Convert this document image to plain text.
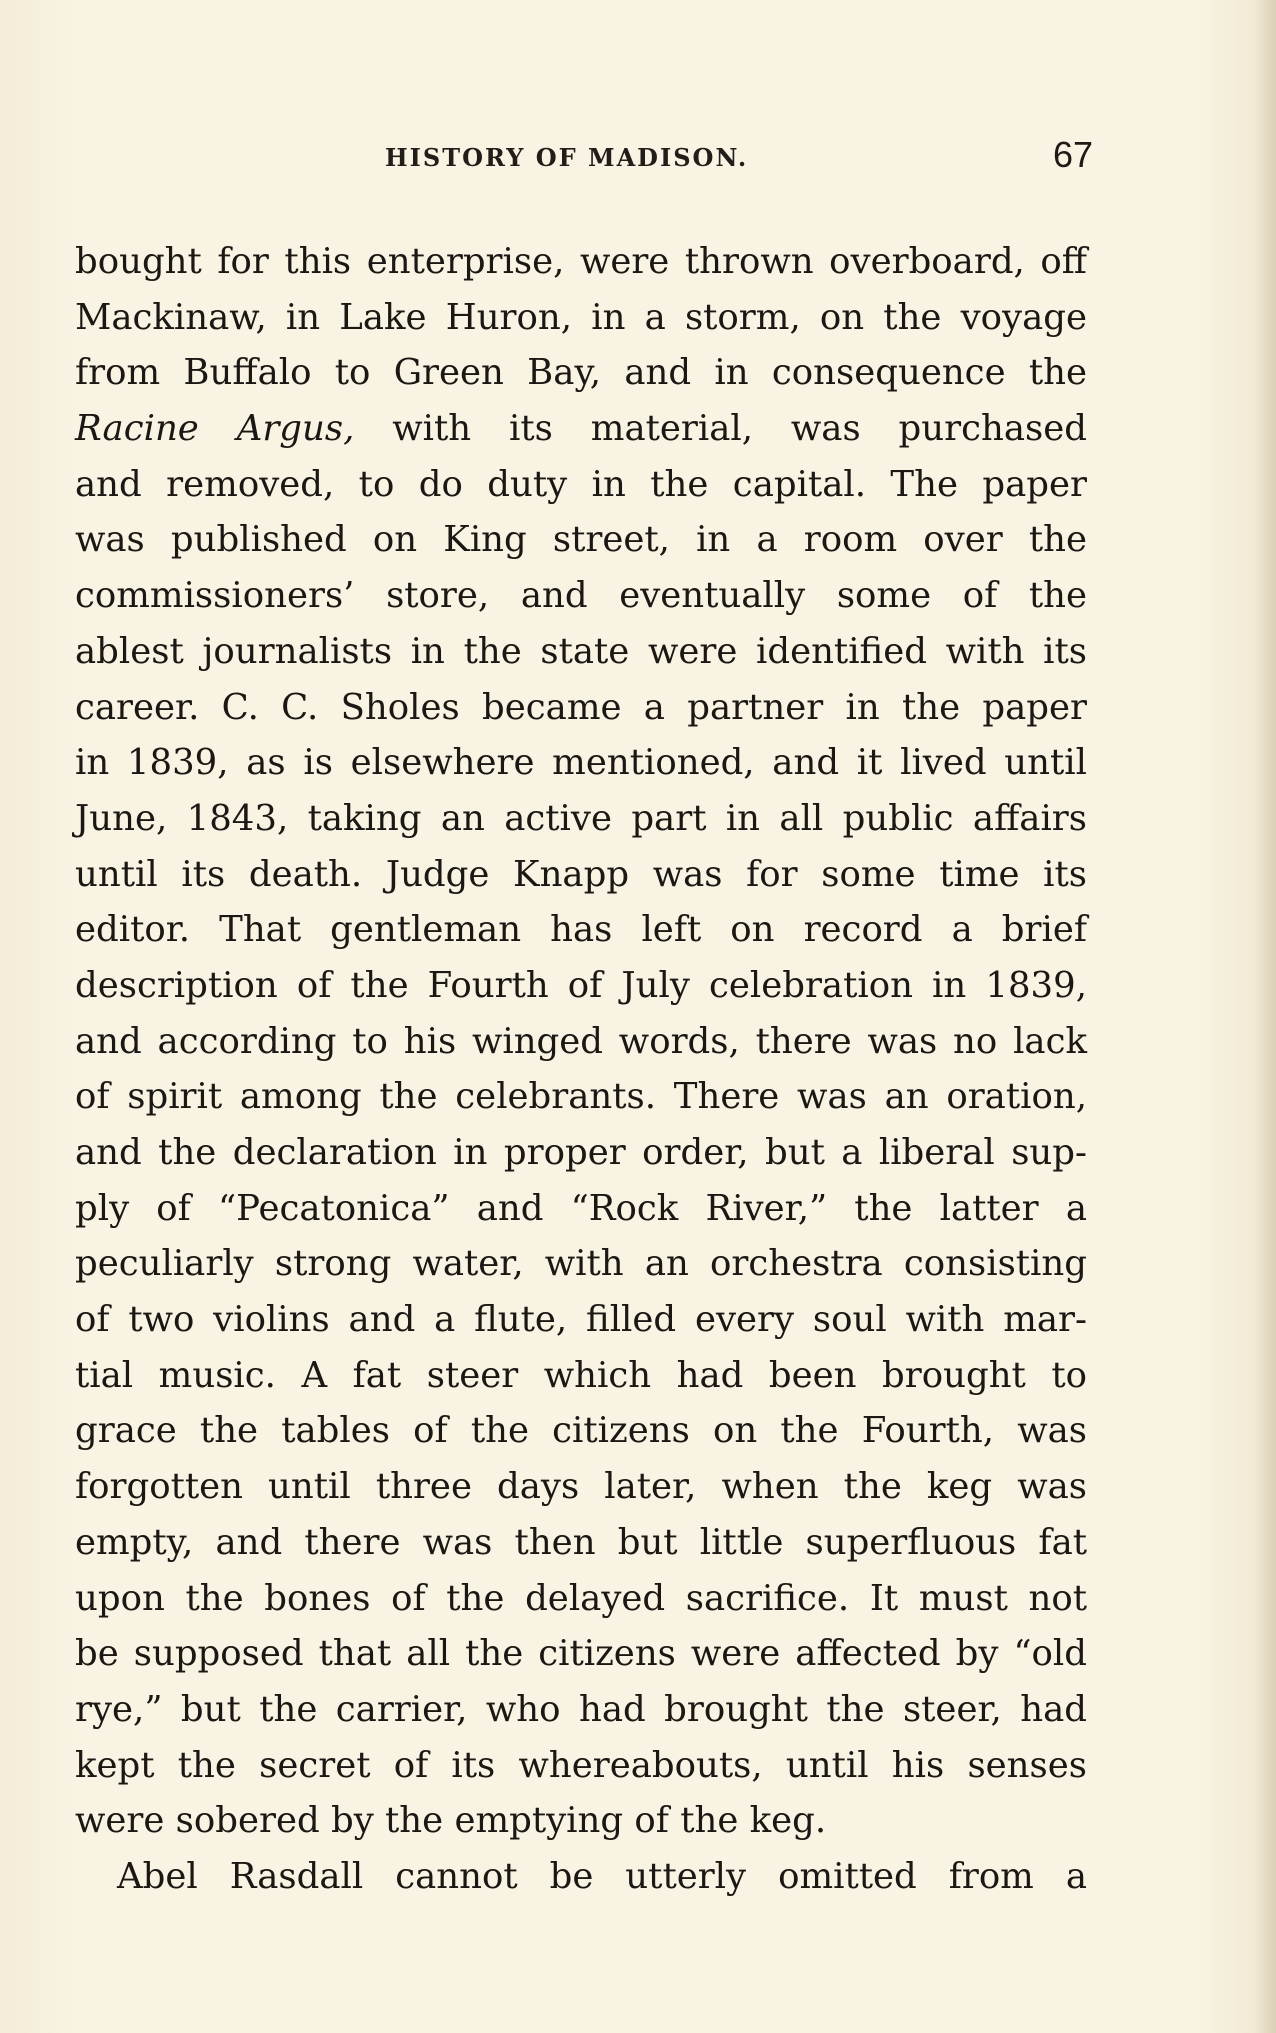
HISTORY OF MADISON.	67
bought for this enterprise, were thrown overboard, off
Mackinaw, in Lake Huron, in a storm, on the voyage
from Buffalo to Green Bay, and in consequence the
Racine Argus, with its material, was purchased
and removed, to do duty in the capital. The paper
was published on King street, in a room over the
commissioners’ store, and eventually some of the
ablest journalists in the state were identified with its
career. C. C. Sholes became a partner in the paper
in 1839, as is elsewhere mentioned, and it lived until
June, 1843, taking an active part in all public affairs
until its death. Judge Knapp was for some time its
editor. That gentleman has left on record a brief
description of the Fourth of July celebration in 1839,
and according to his winged words, there was no lack
of spirit among the celebrants. There was an oration,
and the declaration in proper order, but a liberal sup-
ply of “Pecatonica” and “Rock River,” the latter a
peculiarly strong water, with an orchestra consisting
of two violins and a flute, filled every soul with mar-
tial music. A fat steer which had been brought to
grace the tables of the citizens on the Fourth, was
forgotten until three days later, when the keg was
empty, and there was then but little superfluous fat
upon the bones of the delayed sacrifice. It must not
be supposed that all the citizens were affected by “old
rye,” but the carrier, who had brought the steer, had
kept the secret of its whereabouts, until his senses
were sobered by the emptying of the keg.
Abel Rasdall cannot be utterly omitted from a
